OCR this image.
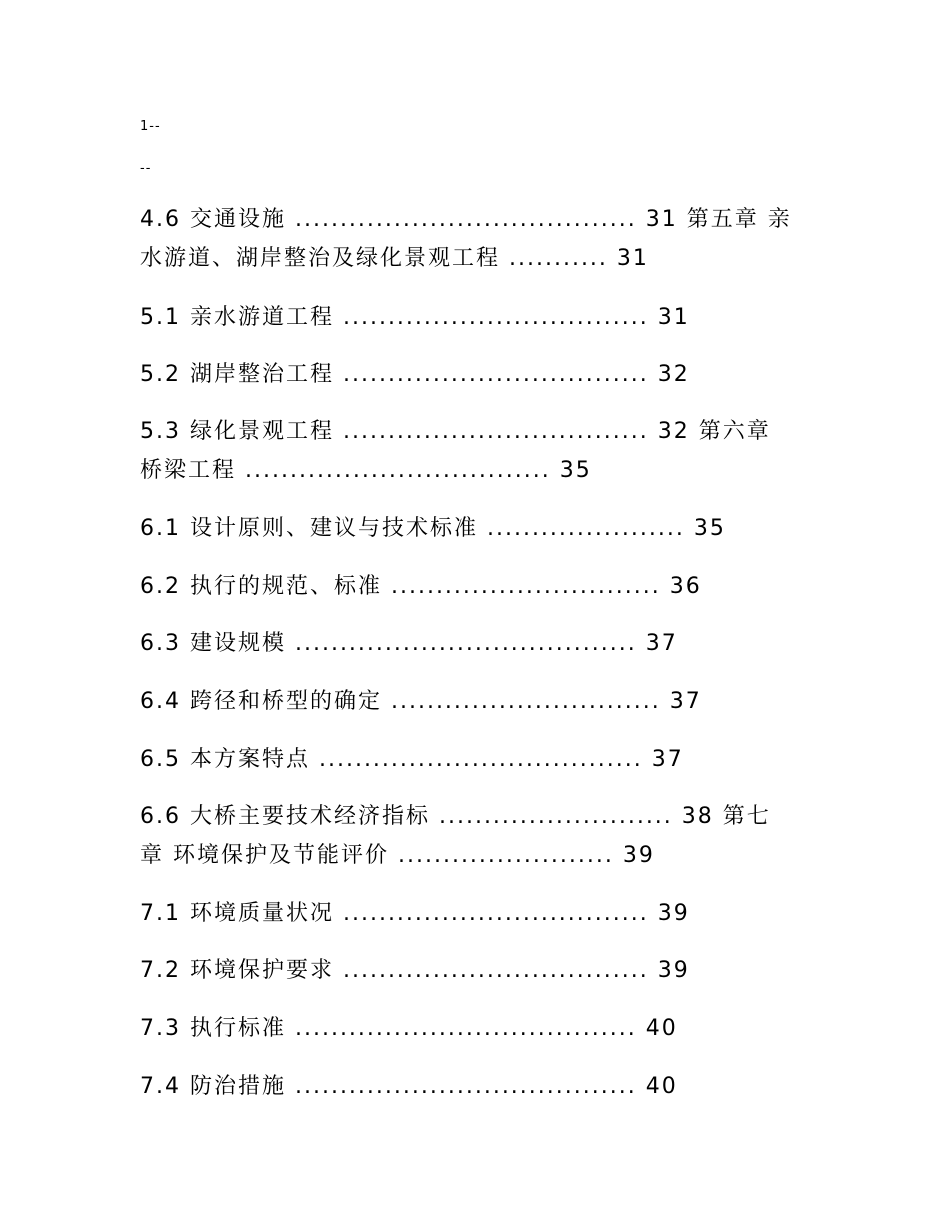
1--
--
4.6 交通设施 ...................................... 31 第五章 亲
水游道、湖岸整治及绿化景观工程 ........... 31
5.1 亲水游道工程 .................................. 31
5.2 湖岸整治工程 .................................. 32
5.3 绿化景观工程 .................................. 32 第六章
桥梁工程 .................................. 35
6.1 设计原则、建议与技术标准 ...................... 35
6.2 执行的规范、标准 .............................. 36
6.3 建设规模 ...................................... 37
6.4 跨径和桥型的确定 .............................. 37
6.5 本方案特点 .................................... 37
6.6 大桥主要技术经济指标 .......................... 38 第七
章 环境保护及节能评价 ........................ 39
7.1 环境质量状况 .................................. 39
7.2 环境保护要求 .................................. 39
7.3 执行标准 ...................................... 40
7.4 防治措施 ...................................... 40
